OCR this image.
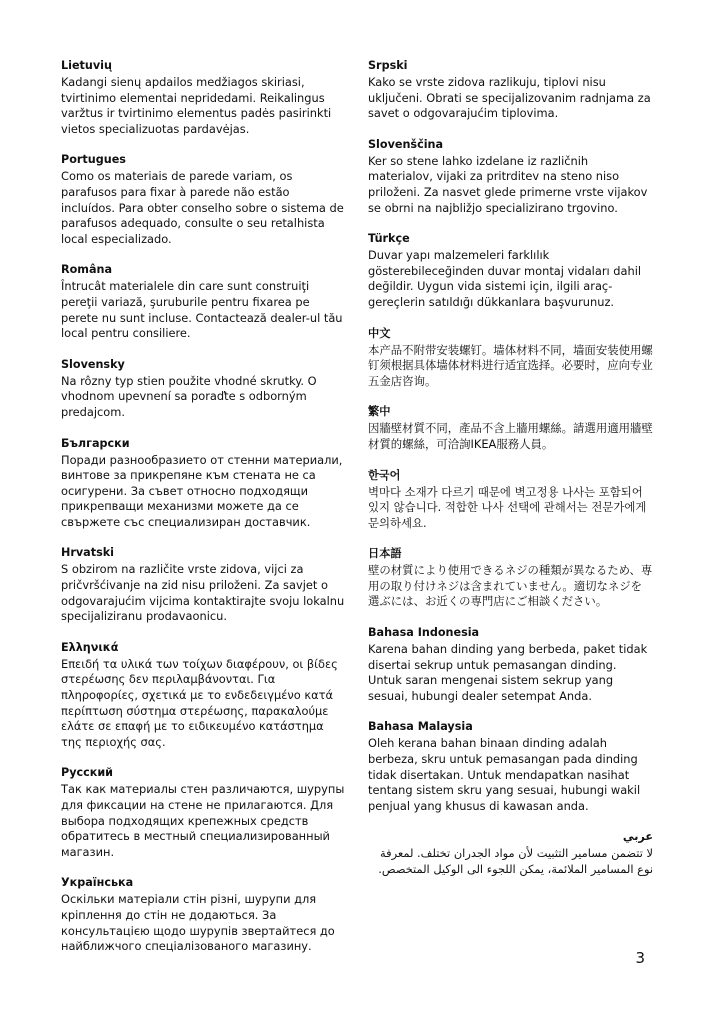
Lietuvių

Kadangi sienų apdailos medžiagos skiriasi, tvirtinimo elementai nepridedami. Reikalingus varžtus ir tvirtinimo elementus padės pasirinkti vietos specializuotas pardavėjas.

Portugues

Como os materiais de parede variam, os parafusos para fixar à parede não estão incluídos. Para obter conselho sobre o sistema de parafusos adequado, consulte o seu retalhista local especializado.

Româna

Întrucât materialele din care sunt construiţi pereţii variază, şuruburile pentru fixarea pe perete nu sunt incluse. Contactează dealer-ul tău local pentru consiliere.

Slovensky

Na rôzny typ stien použite vhodné skrutky. O vhodnom upevnení sa poraďte s odborným predajcom.

Български

Поради разнообразието от стенни материали, винтове за прикрепяне към стената не са осигурени. За съвет относно подходящи прикрепващи механизми можете да се свържете със специализиран доставчик.

Hrvatski

S obzirom na različite vrste zidova, vijci za pričvršćivanje na zid nisu priloženi. Za savjet o odgovarajućim vijcima kontaktirajte svoju lokalnu specijaliziranu prodavaonicu.

Ελληνικά

Επειδή τα υλικά των τοίχων διαφέρουν, οι βίδες στερέωσης δεν περιλαμβάνονται. Για πληροφορίες, σχετικά με το ενδεδειγμένο κατά περίπτωση σύστημα στερέωσης, παρακαλούμε ελάτε σε επαφή με το ειδικευμένο κατάστημα της περιοχής σας.

Русский

Так как материалы стен различаются, шурупы для фиксации на стене не прилагаются. Для выбора подходящих крепежных средств обратитесь в местный специализированный магазин.

Українська

Оскільки матеріали стін різні, шурупи для кріплення до стін не додаються. За консультацією щодо шурупів звертайтеся до найближчого спеціалізованого магазину.

Srpski

Kako se vrste zidova razlikuju, tiplovi nisu uključeni. Obrati se specijalizovanim radnjama za savet o odgovarajućim tiplovima.

Slovenščina

Ker so stene lahko izdelane iz različnih materialov, vijaki za pritrditev na steno niso priloženi. Za nasvet glede primerne vrste vijakov se obrni na najbližjo specializirano trgovino.

Türkçe

Duvar yapı malzemeleri farklılık gösterebileceğinden duvar montaj vidaları dahil değildir. Uygun vida sistemi için, ilgili araç-gereçlerin satıldığı dükkanlara başvurunuz.

中文

本产品不附带安装螺钉。墙体材料不同，墙面安装使用螺钉须根据具体墙体材料进行适宜选择。必要时，应向专业五金店咨询。

繁中

因牆壁材質不同，產品不含上牆用螺絲。請選用適用牆壁材質的螺絲，可洽詢IKEA服務人員。

한국어

벽마다 소재가 다르기 때문에 벽고정용 나사는 포함되어 있지 않습니다. 적합한 나사 선택에 관해서는 전문가에게 문의하세요.

日本語

壁の材質により使用できるネジの種類が異なるため、専用の取り付けネジは含まれていません。適切なネジを選ぶには、お近くの専門店にご相談ください。

Bahasa Indonesia

Karena bahan dinding yang berbeda, paket tidak disertai sekrup untuk pemasangan dinding. Untuk saran mengenai sistem sekrup yang sesuai, hubungi dealer setempat Anda.

Bahasa Malaysia

Oleh kerana bahan binaan dinding adalah berbeza, skru untuk pemasangan pada dinding tidak disertakan. Untuk mendapatkan nasihat tentang sistem skru yang sesuai, hubungi wakil penjual yang khusus di kawasan anda.

عربي

لا تتضمن مسامير التثبيت لأن مواد الجدران تختلف. لمعرفة نوع المسامير الملائمة، يمكن اللجوء الى الوكيل المتخصص.

3
